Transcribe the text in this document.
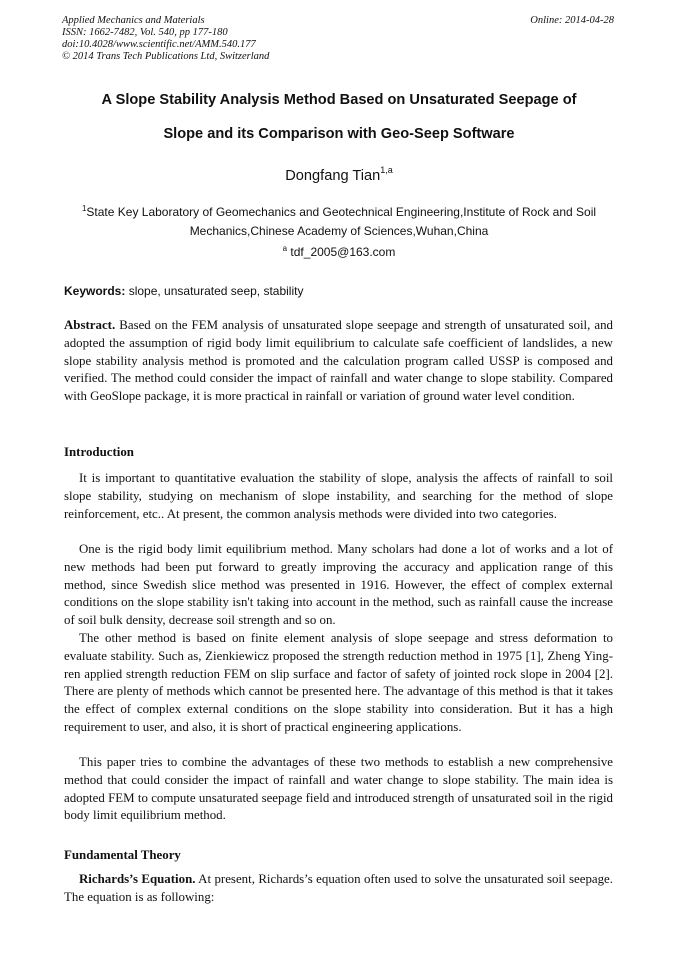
Applied Mechanics and Materials
ISSN: 1662-7482, Vol. 540, pp 177-180
doi:10.4028/www.scientific.net/AMM.540.177
© 2014 Trans Tech Publications Ltd, Switzerland
Online: 2014-04-28
A Slope Stability Analysis Method Based on Unsaturated Seepage of
Slope and its Comparison with Geo-Seep Software
Dongfang Tian$^{1,a}$
$^1$State Key Laboratory of Geomechanics and Geotechnical Engineering,Institute of Rock and Soil Mechanics,Chinese Academy of Sciences,Wuhan,China
$^a$ tdf_2005@163.com
Keywords: slope, unsaturated seep, stability
Abstract. Based on the FEM analysis of unsaturated slope seepage and strength of unsaturated soil, and adopted the assumption of rigid body limit equilibrium to calculate safe coefficient of landslides, a new slope stability analysis method is promoted and the calculation program called USSP is composed and verified. The method could consider the impact of rainfall and water change to slope stability. Compared with GeoSlope package, it is more practical in rainfall or variation of ground water level condition.
Introduction
It is important to quantitative evaluation the stability of slope, analysis the affects of rainfall to soil slope stability, studying on mechanism of slope instability, and searching for the method of slope reinforcement, etc.. At present, the common analysis methods were divided into two categories.
One is the rigid body limit equilibrium method. Many scholars had done a lot of works and a lot of new methods had been put forward to greatly improving the accuracy and application range of this method, since Swedish slice method was presented in 1916. However, the effect of complex external conditions on the slope stability isn't taking into account in the method, such as rainfall cause the increase of soil bulk density, decrease soil strength and so on.
The other method is based on finite element analysis of slope seepage and stress deformation to evaluate stability. Such as, Zienkiewicz proposed the strength reduction method in 1975 [1], Zheng Ying-ren applied strength reduction FEM on slip surface and factor of safety of jointed rock slope in 2004 [2]. There are plenty of methods which cannot be presented here. The advantage of this method is that it takes the effect of complex external conditions on the slope stability into consideration. But it has a high requirement to user, and also, it is short of practical engineering applications.
This paper tries to combine the advantages of these two methods to establish a new comprehensive method that could consider the impact of rainfall and water change to slope stability. The main idea is adopted FEM to compute unsaturated seepage field and introduced strength of unsaturated soil in the rigid body limit equilibrium method.
Fundamental Theory
Richards’s Equation. At present, Richards’s equation often used to solve the unsaturated soil seepage. The equation is as following:
